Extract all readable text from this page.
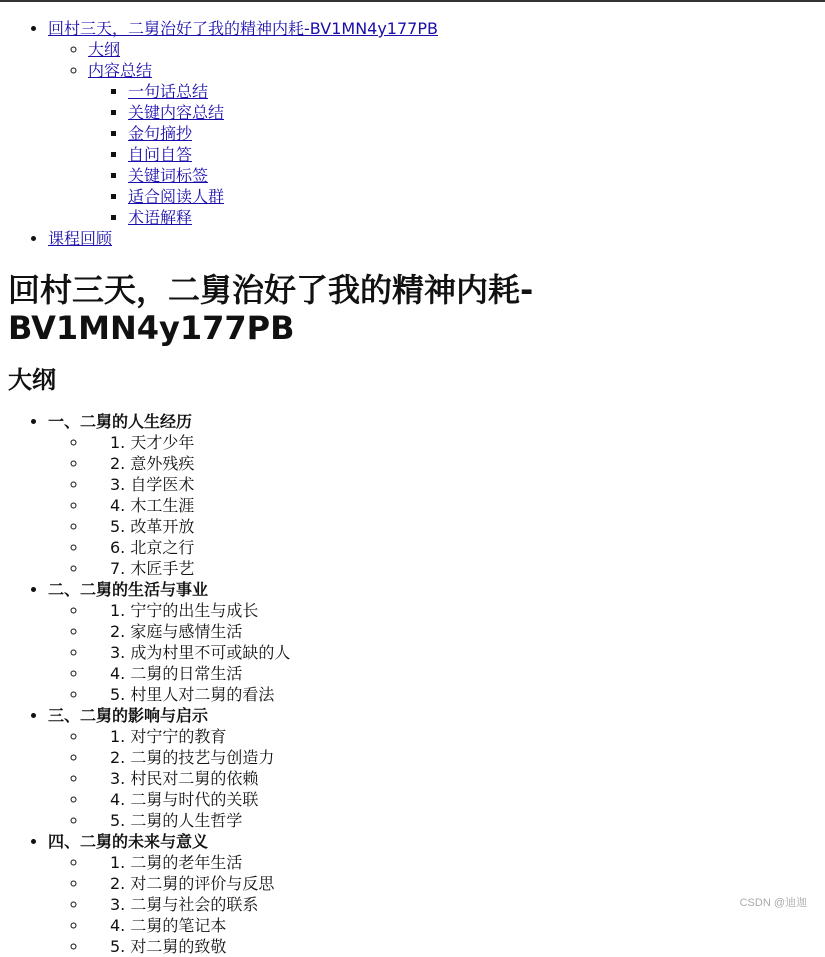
• 回村三天，二舅治好了我的精神内耗-BV1MN4y177PB
◦ 大纲
◦ 内容总结
▪ 一句话总结
▪ 关键内容总结
▪ 金句摘抄
▪ 自问自答
▪ 关键词标签
▪ 适合阅读人群
▪ 术语解释
• 课程回顾
回村三天，二舅治好了我的精神内耗-BV1MN4y177PB
大纲
• 一、二舅的人生经历
◦ 1. 天才少年
◦ 2. 意外残疾
◦ 3. 自学医术
◦ 4. 木工生涯
◦ 5. 改革开放
◦ 6. 北京之行
◦ 7. 木匠手艺
• 二、二舅的生活与事业
◦ 1. 宁宁的出生与成长
◦ 2. 家庭与感情生活
◦ 3. 成为村里不可或缺的人
◦ 4. 二舅的日常生活
◦ 5. 村里人对二舅的看法
• 三、二舅的影响与启示
◦ 1. 对宁宁的教育
◦ 2. 二舅的技艺与创造力
◦ 3. 村民对二舅的依赖
◦ 4. 二舅与时代的关联
◦ 5. 二舅的人生哲学
• 四、二舅的未来与意义
◦ 1. 二舅的老年生活
◦ 2. 对二舅的评价与反思
◦ 3. 二舅与社会的联系
◦ 4. 二舅的笔记本
◦ 5. 对二舅的致敬
CSDN @迪迦
